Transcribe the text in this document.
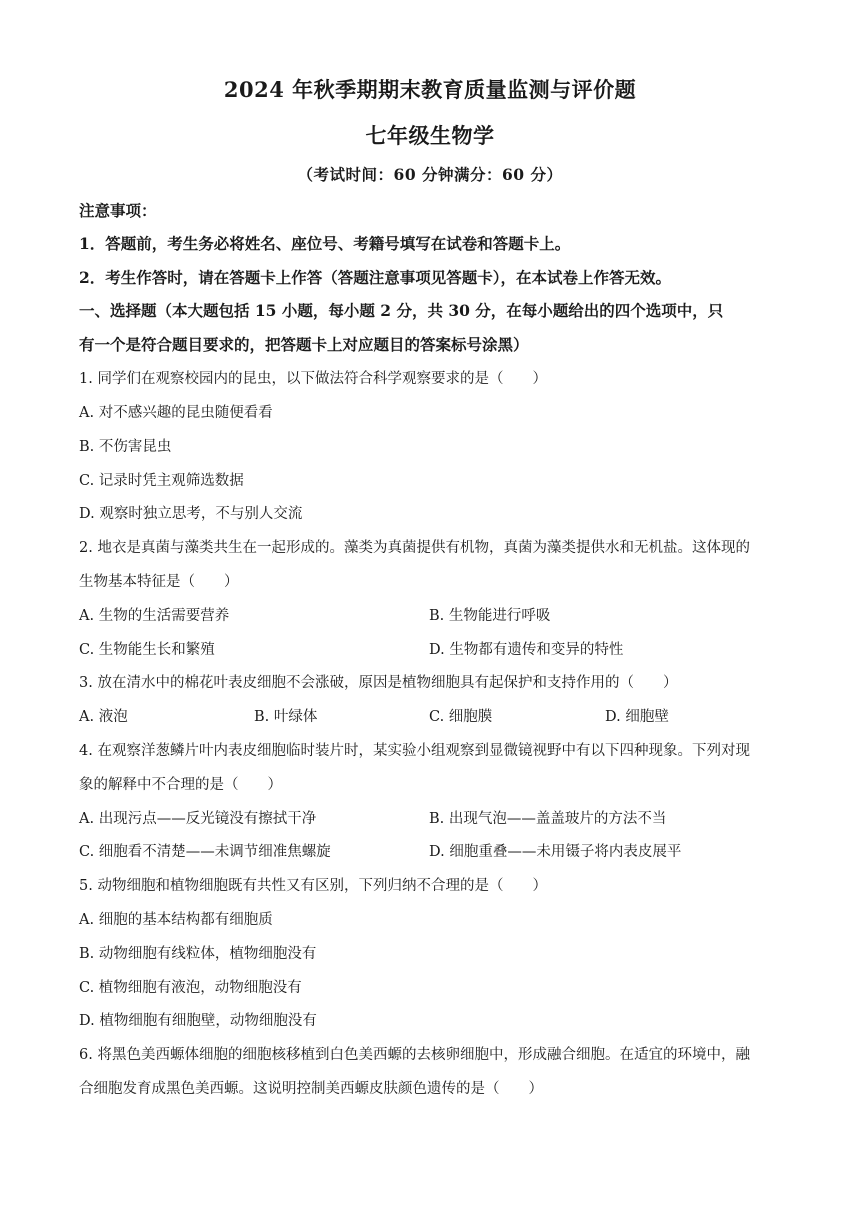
2024 年秋季期期末教育质量监测与评价题
七年级生物学
（考试时间：60 分钟满分：60 分）
注意事项：
1．答题前，考生务必将姓名、座位号、考籍号填写在试卷和答题卡上。
2．考生作答时，请在答题卡上作答（答题注意事项见答题卡），在本试卷上作答无效。
一、选择题（本大题包括 15 小题，每小题 2 分，共 30 分，在每小题给出的四个选项中，只
有一个是符合题目要求的，把答题卡上对应题目的答案标号涂黑）
1. 同学们在观察校园内的昆虫，以下做法符合科学观察要求的是（　　）
A. 对不感兴趣的昆虫随便看看
B. 不伤害昆虫
C. 记录时凭主观筛选数据
D. 观察时独立思考，不与别人交流
2. 地衣是真菌与藻类共生在一起形成的。藻类为真菌提供有机物，真菌为藻类提供水和无机盐。这体现的
生物基本特征是（　　）
A. 生物的生活需要营养	B. 生物能进行呼吸
C. 生物能生长和繁殖	D. 生物都有遗传和变异的特性
3. 放在清水中的棉花叶表皮细胞不会涨破，原因是植物细胞具有起保护和支持作用的（　　）
A. 液泡	B. 叶绿体	C. 细胞膜	D. 细胞壁
4. 在观察洋葱鳞片叶内表皮细胞临时装片时，某实验小组观察到显微镜视野中有以下四种现象。下列对现
象的解释中不合理的是（　　）
A. 出现污点——反光镜没有擦拭干净	B. 出现气泡——盖盖玻片的方法不当
C. 细胞看不清楚——未调节细准焦螺旋	D. 细胞重叠——未用镊子将内表皮展平
5. 动物细胞和植物细胞既有共性又有区别，下列归纳不合理的是（　　）
A. 细胞的基本结构都有细胞质
B. 动物细胞有线粒体，植物细胞没有
C. 植物细胞有液泡，动物细胞没有
D. 植物细胞有细胞壁，动物细胞没有
6. 将黑色美西螈体细胞的细胞核移植到白色美西螈的去核卵细胞中，形成融合细胞。在适宜的环境中，融
合细胞发育成黑色美西螈。这说明控制美西螈皮肤颜色遗传的是（　　）
